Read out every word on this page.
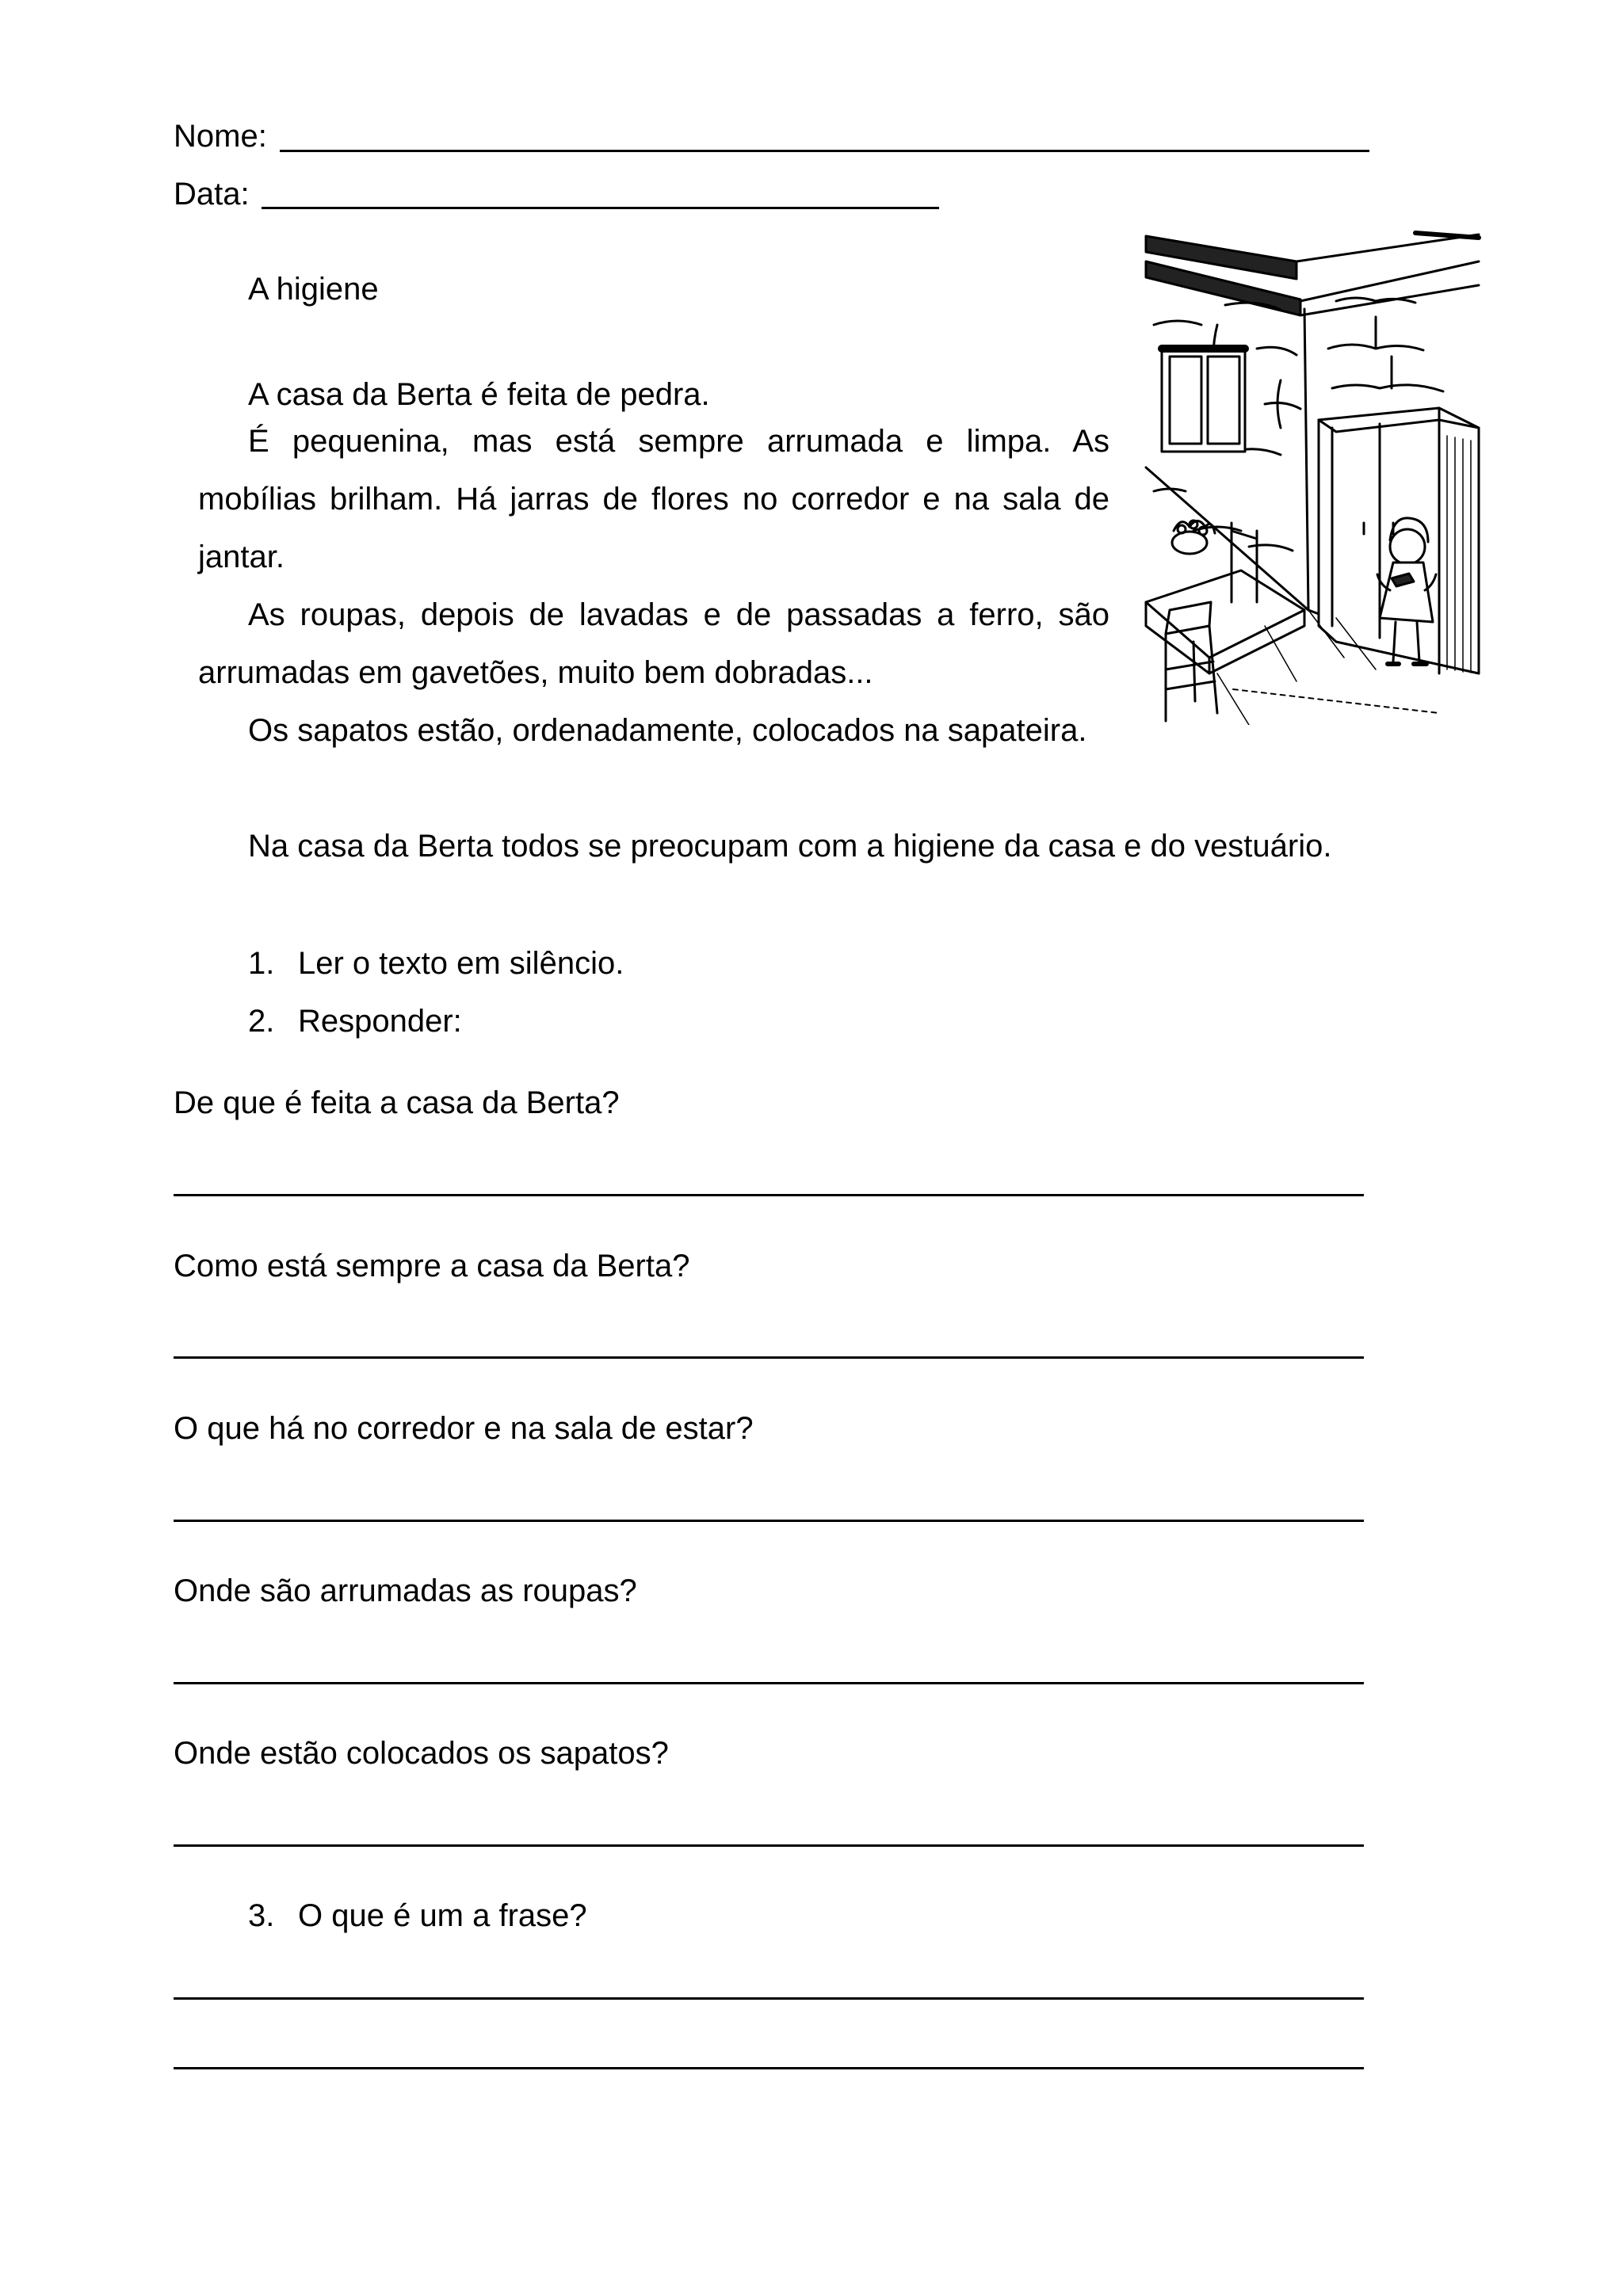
Nome:
Data:
A higiene

A casa da Berta é feita de pedra.

É pequenina, mas está sempre arrumada e limpa. As mobílias brilham. Há jarras de flores no corredor e na sala de jantar.

As roupas, depois de lavadas e de passadas a ferro, são arrumadas em gavetões, muito bem dobradas...

Os sapatos estão, ordenadamente, colocados na sapateira.

Na casa da Berta todos se preocupam com a higiene da casa e do vestuário.

1. Ler o texto em silêncio.
2. Responder:
De que é feita a casa da Berta?
Como está sempre a casa da Berta?
O que há no corredor e na sala de estar?
Onde são arrumadas as roupas?
Onde estão colocados os sapatos?
3. O que é um a frase?
